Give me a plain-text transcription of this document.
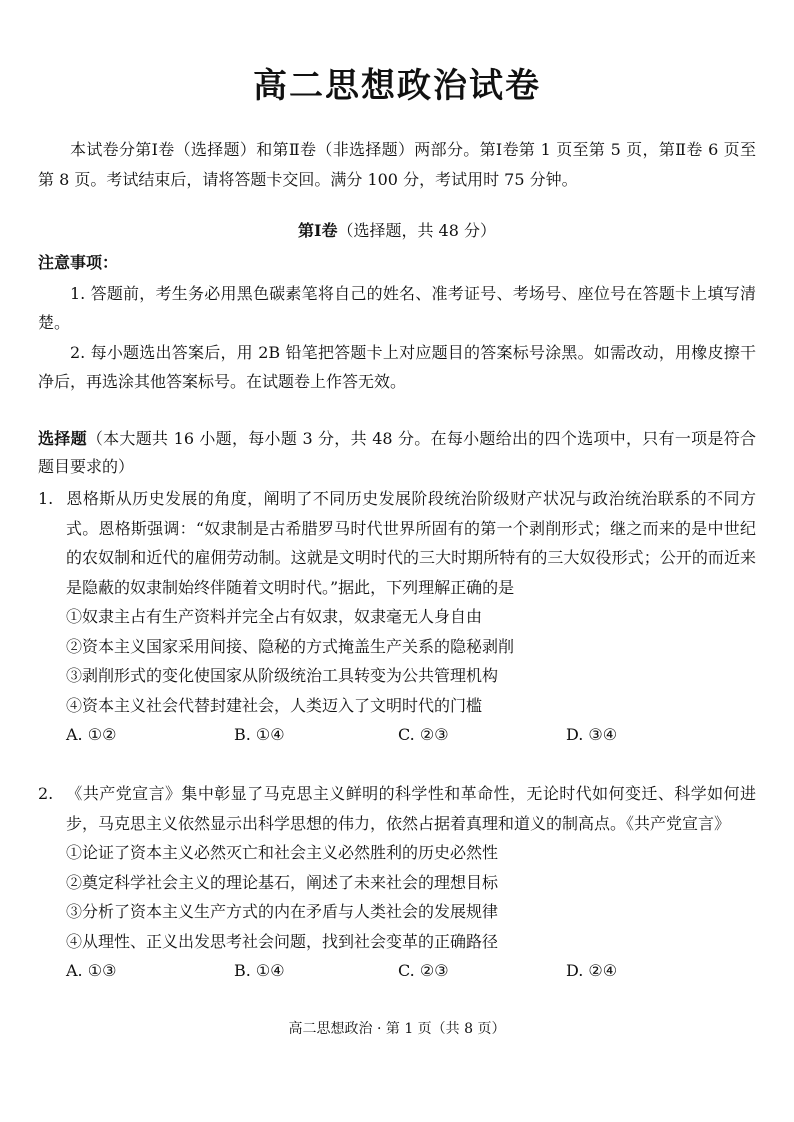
高二思想政治试卷
本试卷分第Ⅰ卷（选择题）和第Ⅱ卷（非选择题）两部分。第Ⅰ卷第 1 页至第 5 页，第Ⅱ卷 6 页至第 8 页。考试结束后，请将答题卡交回。满分 100 分，考试用时 75 分钟。
第Ⅰ卷（选择题，共 48 分）
注意事项：
1. 答题前，考生务必用黑色碳素笔将自己的姓名、准考证号、考场号、座位号在答题卡上填写清楚。
2. 每小题选出答案后，用 2B 铅笔把答题卡上对应题目的答案标号涂黑。如需改动，用橡皮擦干净后，再选涂其他答案标号。在试题卷上作答无效。
选择题（本大题共 16 小题，每小题 3 分，共 48 分。在每小题给出的四个选项中，只有一项是符合题目要求的）
1. 恩格斯从历史发展的角度，阐明了不同历史发展阶段统治阶级财产状况与政治统治联系的不同方式。恩格斯强调：“奴隶制是古希腊罗马时代世界所固有的第一个剥削形式；继之而来的是中世纪的农奴制和近代的雇佣劳动制。这就是文明时代的三大时期所特有的三大奴役形式；公开的而近来是隐蔽的奴隶制始终伴随着文明时代。”据此，下列理解正确的是
①奴隶主占有生产资料并完全占有奴隶，奴隶毫无人身自由
②资本主义国家采用间接、隐秘的方式掩盖生产关系的隐秘剥削
③剥削形式的变化使国家从阶级统治工具转变为公共管理机构
④资本主义社会代替封建社会，人类迈入了文明时代的门槛
A. ①②	B. ①④	C. ②③	D. ③④
2. 《共产党宣言》集中彰显了马克思主义鲜明的科学性和革命性，无论时代如何变迁、科学如何进步，马克思主义依然显示出科学思想的伟力，依然占据着真理和道义的制高点。《共产党宣言》
①论证了资本主义必然灭亡和社会主义必然胜利的历史必然性
②奠定科学社会主义的理论基石，阐述了未来社会的理想目标
③分析了资本主义生产方式的内在矛盾与人类社会的发展规律
④从理性、正义出发思考社会问题，找到社会变革的正确路径
A. ①③	B. ①④	C. ②③	D. ②④
高二思想政治 · 第 1 页（共 8 页）
